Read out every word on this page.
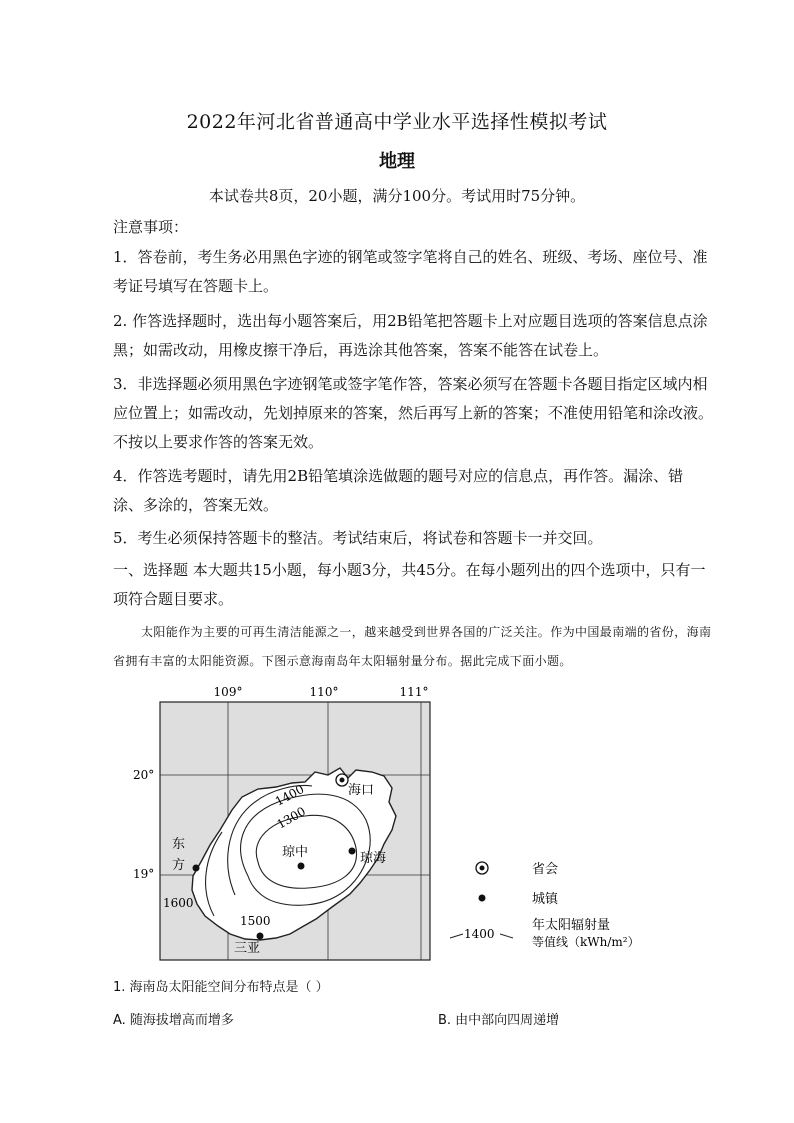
2022年河北省普通高中学业水平选择性模拟考试
地理
本试卷共8页，20小题，满分100分。考试用时75分钟。
注意事项：
1．答卷前，考生务必用黑色字迹的钢笔或签字笔将自己的姓名、班级、考场、座位号、准考证号填写在答题卡上。
2. 作答选择题时，选出每小题答案后，用2B铅笔把答题卡上对应题目选项的答案信息点涂黑；如需改动，用橡皮擦干净后，再选涂其他答案，答案不能答在试卷上。
3．非选择题必须用黑色字迹钢笔或签字笔作答，答案必须写在答题卡各题目指定区域内相应位置上；如需改动，先划掉原来的答案，然后再写上新的答案；不准使用铅笔和涂改液。不按以上要求作答的答案无效。
4．作答选考题时，请先用2B铅笔填涂选做题的题号对应的信息点，再作答。漏涂、错涂、多涂的，答案无效。
5．考生必须保持答题卡的整洁。考试结束后，将试卷和答题卡一并交回。
一、选择题 本大题共15小题，每小题3分，共45分。在每小题列出的四个选项中，只有一项符合题目要求。
太阳能作为主要的可再生清洁能源之一，越来越受到世界各国的广泛关注。作为中国最南端的省份，海南省拥有丰富的太阳能资源。下图示意海南岛年太阳辐射量分布。据此完成下面小题。
109°	110°	111°
20°
19°
1400
1300
1500
1600
海口
琼中	琼海
东
方
三亚
省会
城镇
1400
年太阳辐射量
等值线（kWh/m²）
1. 海南岛太阳能空间分布特点是（ ）
A. 随海拔增高而增多	B. 由中部向四周递增
